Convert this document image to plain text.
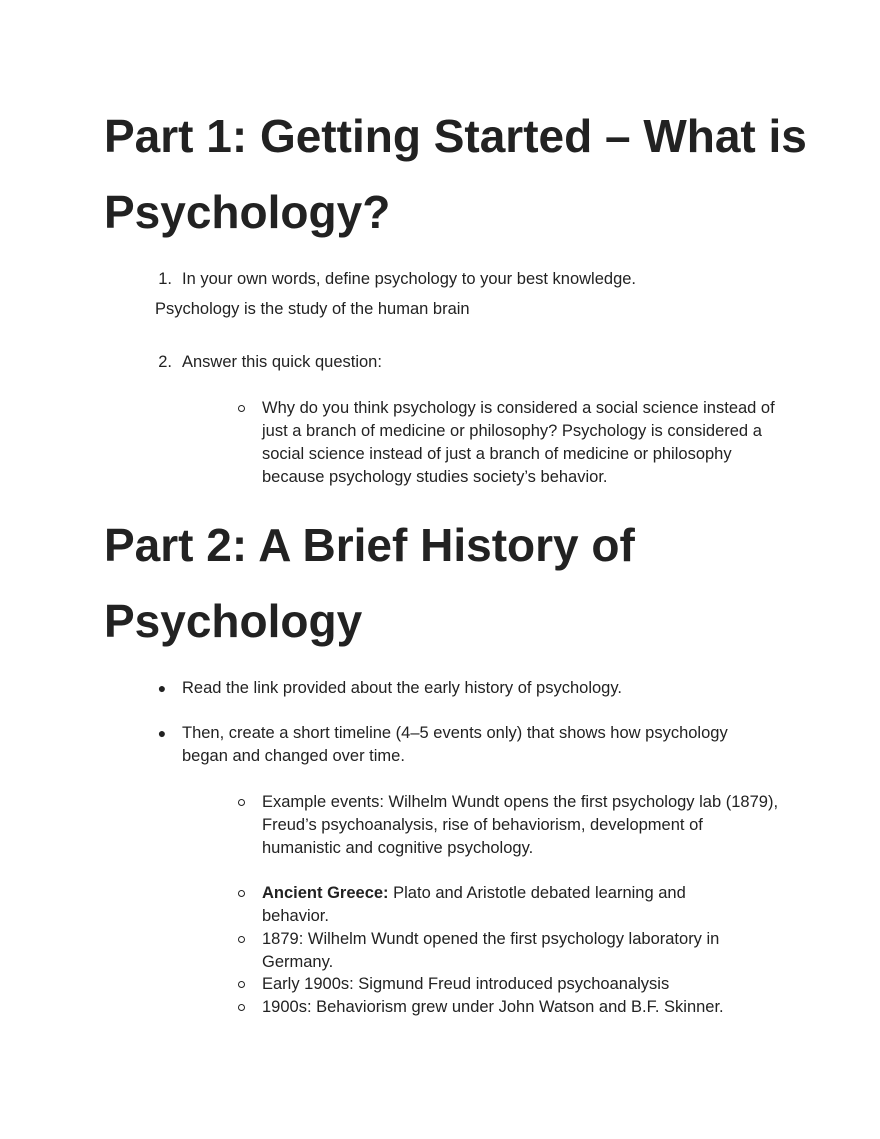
Part 1: Getting Started – What is Psychology?
1. In your own words, define psychology to your best knowledge.
Psychology is the study of the human brain
2. Answer this quick question:
Why do you think psychology is considered a social science instead of just a branch of medicine or philosophy? Psychology is considered a social science instead of just a branch of medicine or philosophy because psychology studies society’s behavior.
Part 2: A Brief History of Psychology
● Read the link provided about the early history of psychology.
● Then, create a short timeline (4–5 events only) that shows how psychology began and changed over time.
Example events: Wilhelm Wundt opens the first psychology lab (1879), Freud’s psychoanalysis, rise of behaviorism, development of humanistic and cognitive psychology.
Ancient Greece: Plato and Aristotle debated learning and behavior.
1879: Wilhelm Wundt opened the first psychology laboratory in Germany.
Early 1900s: Sigmund Freud introduced psychoanalysis
1900s: Behaviorism grew under John Watson and B.F. Skinner.
